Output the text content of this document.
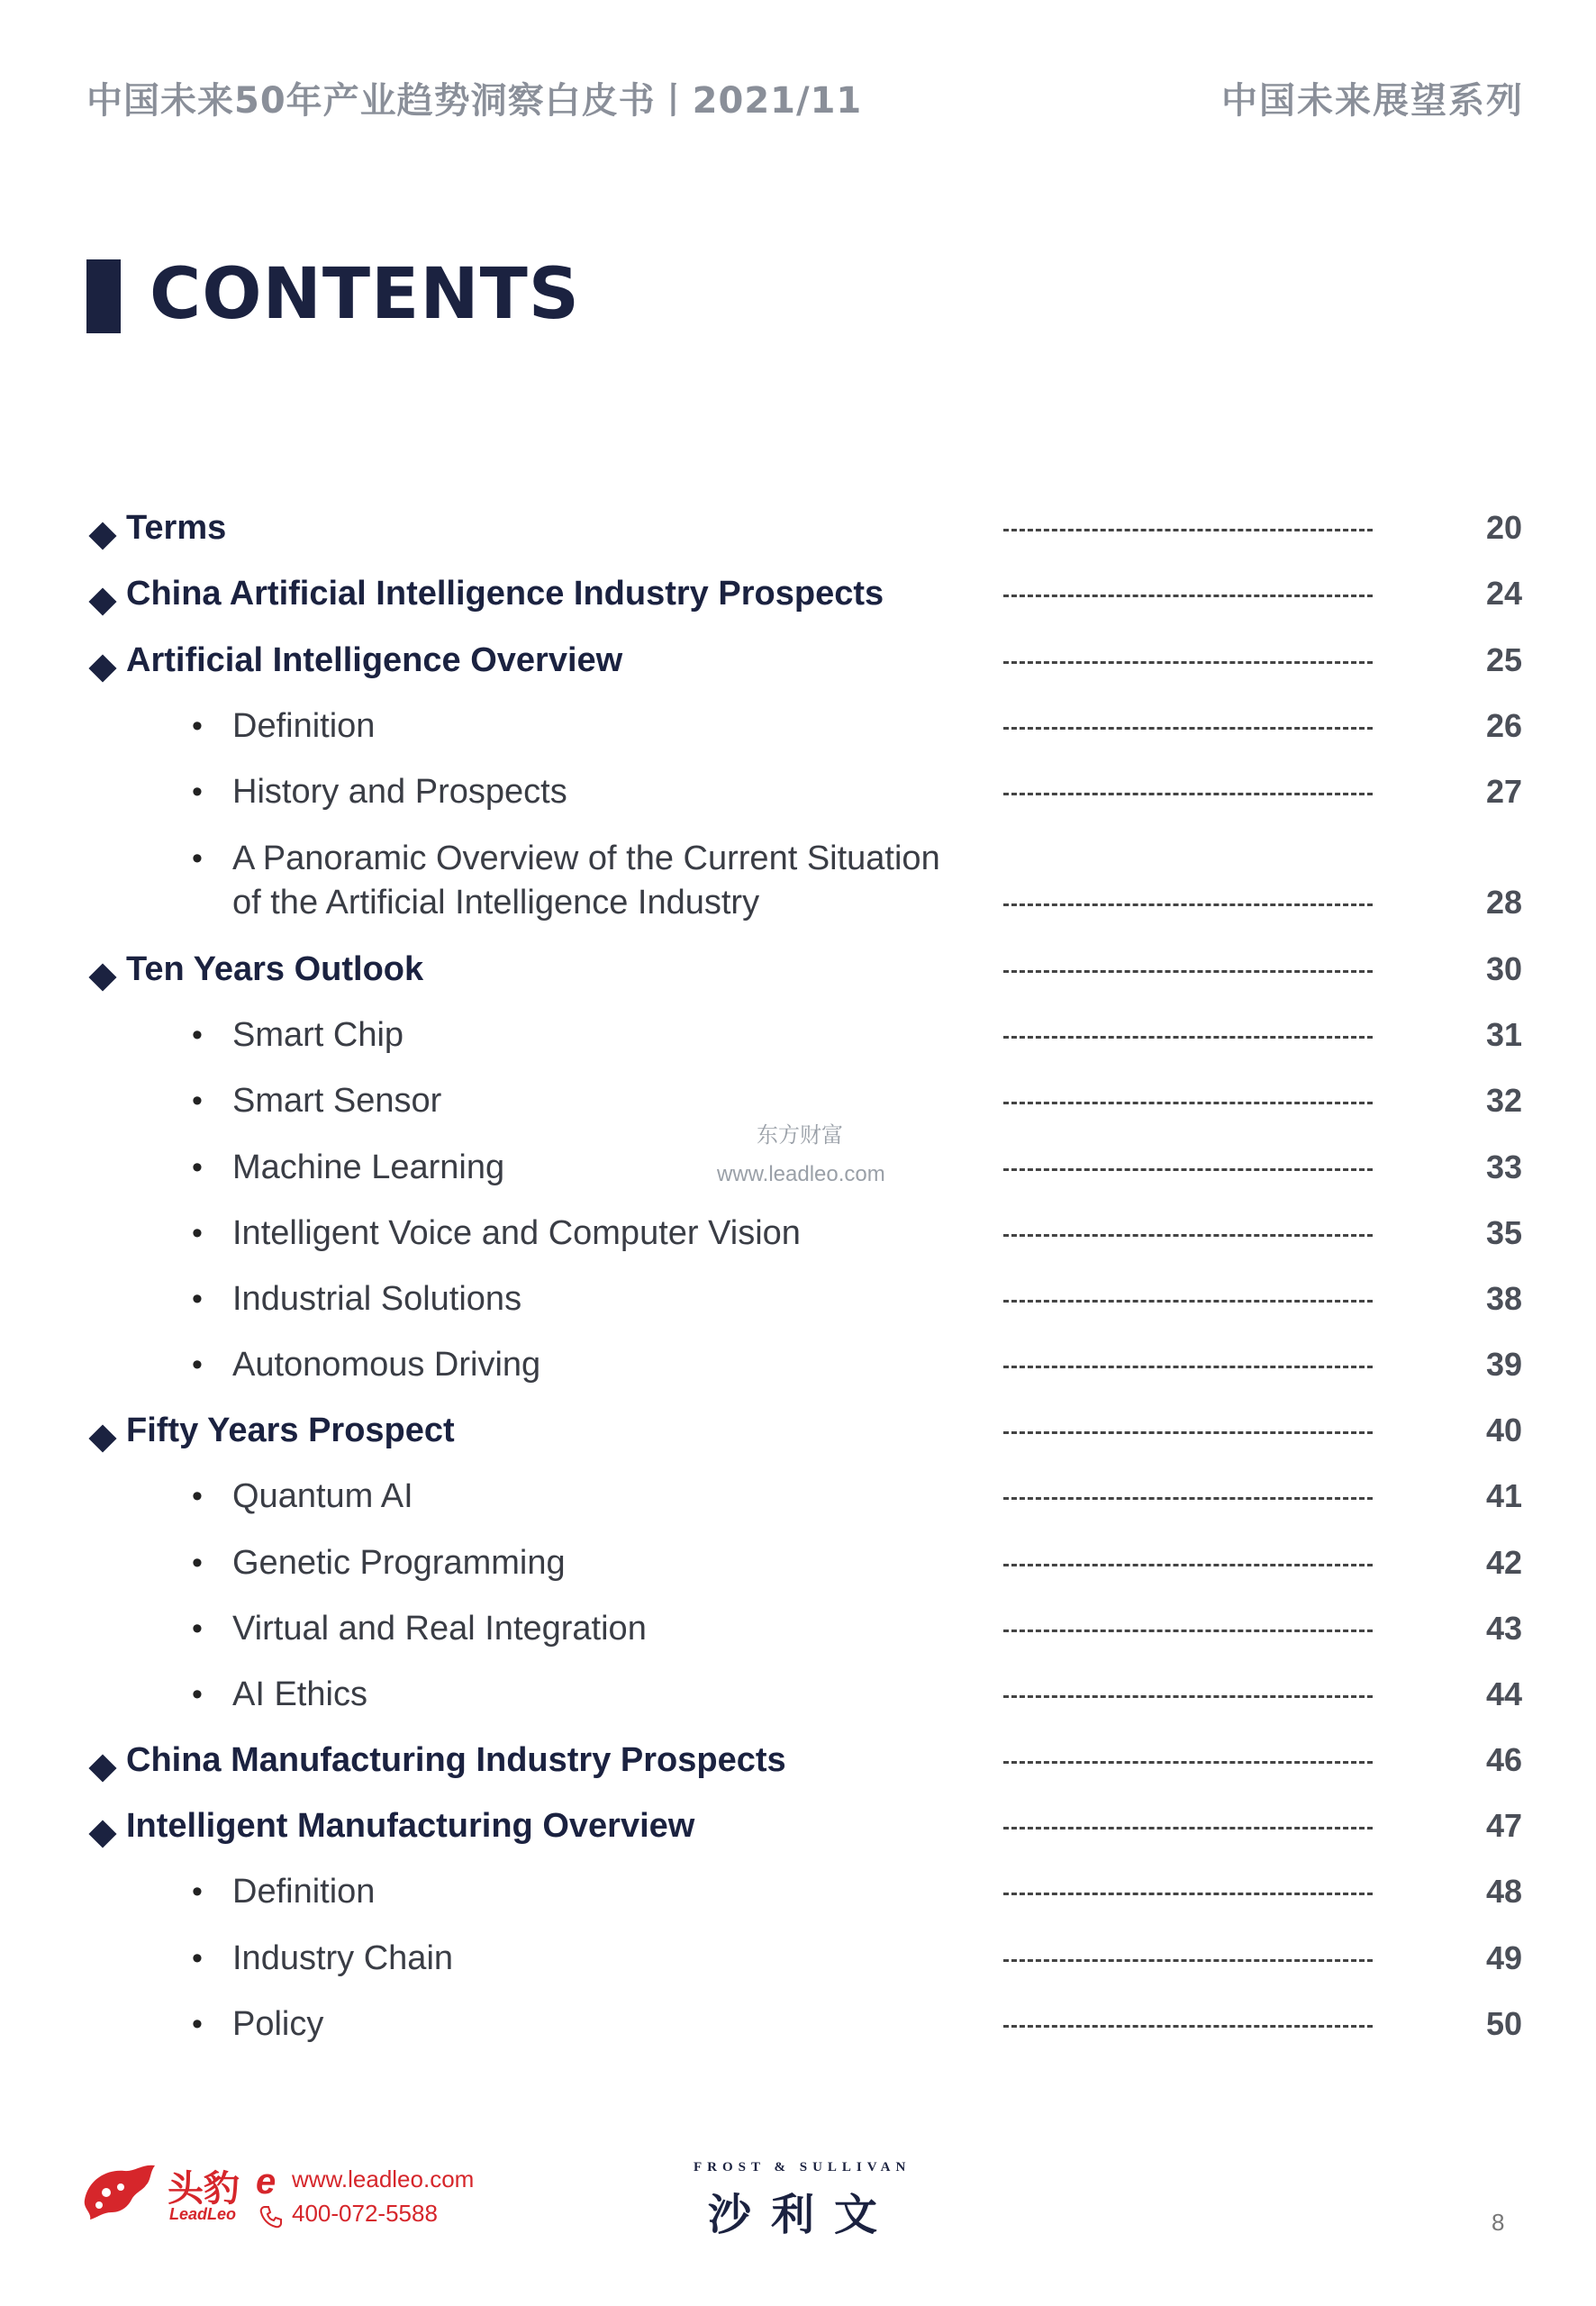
中国未来50年产业趋势洞察白皮书丨2021/11	中国未来展望系列
CONTENTS
Terms	20
China Artificial Intelligence Industry Prospects	24
Artificial Intelligence Overview	25
• Definition	26
• History and Prospects	27
• A Panoramic Overview of the Current Situation
of the Artificial Intelligence Industry	28
Ten Years Outlook	30
• Smart Chip	31
• Smart Sensor	32
• Machine Learning	33
• Intelligent Voice and Computer Vision	35
• Industrial Solutions	38
• Autonomous Driving	39
Fifty Years Prospect	40
• Quantum AI	41
• Genetic Programming	42
• Virtual and Real Integration	43
• AI Ethics	44
China Manufacturing Industry Prospects	46
Intelligent Manufacturing Overview	47
• Definition	48
• Industry Chain	49
• Policy	50
东方财富
www.leadleo.com
头豹
LeadLeo
e www.leadleo.com
400-072-5588
FROST & SULLIVAN
沙利文	8
